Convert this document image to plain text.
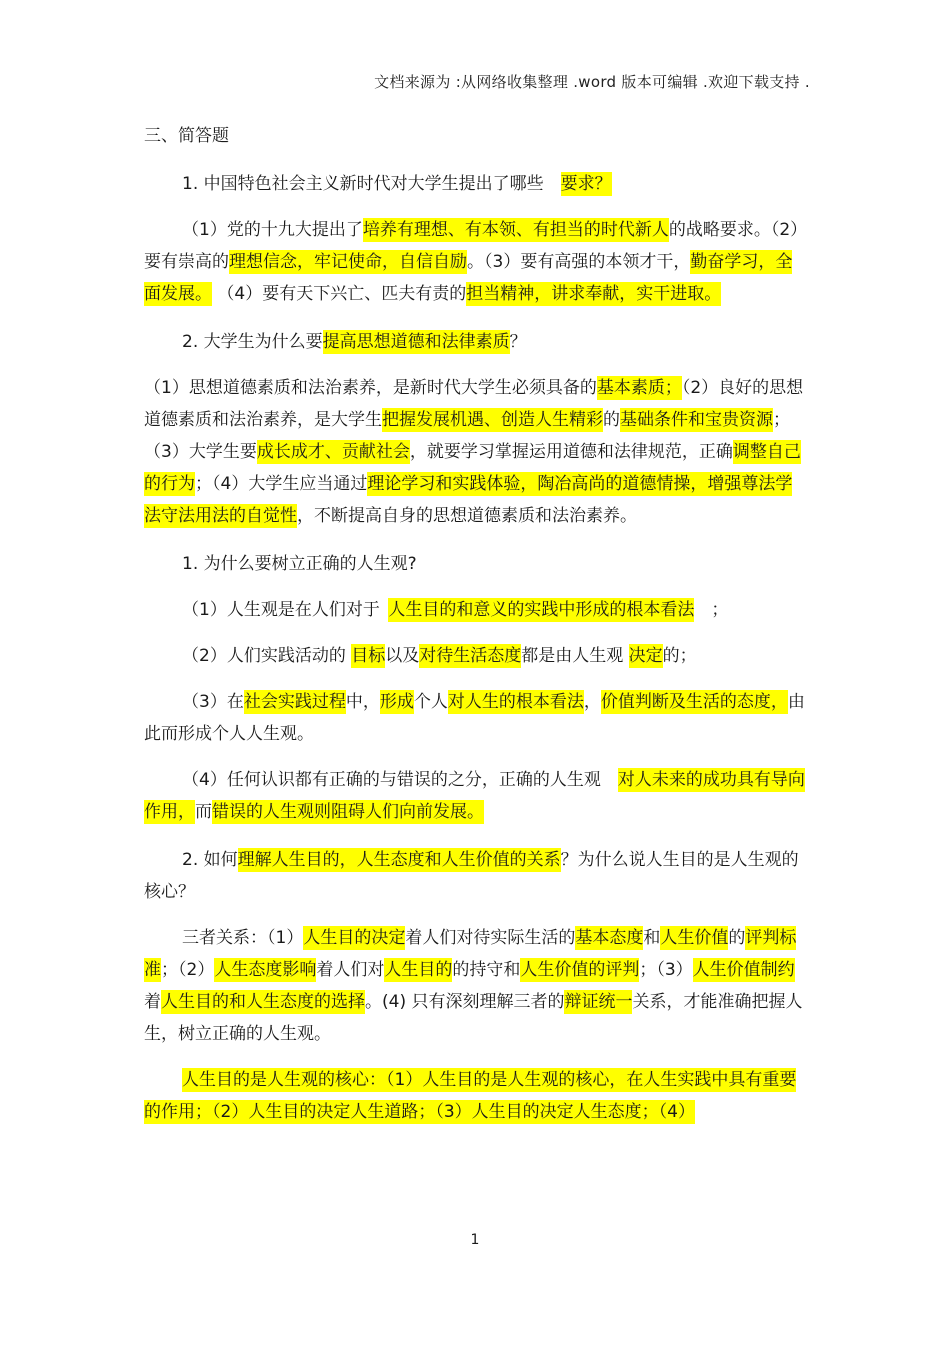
文档来源为 :从网络收集整理 .word 版本可编辑 .欢迎下载支持 .

三、简答题

1. 中国特色社会主义新时代对大学生提出了哪些  要求？

（1）党的十九大提出了培养有理想、有本领、有担当的时代新人的战略要求。（2）要有崇高的理想信念，牢记使命，自信自励。（3）要有高强的本领才干，勤奋学习，全面发展。 （4）要有天下兴亡、匹夫有责的担当精神，讲求奉献，实干进取。

2. 大学生为什么要提高思想道德和法律素质？

（1）思想道德素质和法治素养，是新时代大学生必须具备的基本素质；（2）良好的思想道德素质和法治素养，是大学生把握发展机遇、创造人生精彩的基础条件和宝贵资源；（3）大学生要成长成才、贡献社会，就要学习掌握运用道德和法律规范，正确调整自己的行为；（4）大学生应当通过理论学习和实践体验，陶冶高尚的道德情操，增强尊法学法守法用法的自觉性，不断提高自身的思想道德素质和法治素养。

1. 为什么要树立正确的人生观?

（1）人生观是在人们对于  人生目的和意义的实践中形成的根本看法  ；

（2）人们实践活动的 目标以及对待生活态度都是由人生观 决定的；

（3）在社会实践过程中，形成个人对人生的根本看法，价值判断及生活的态度，由此而形成个人人生观。

（4）任何认识都有正确的与错误的之分，正确的人生观  对人未来的成功具有导向作用，而错误的人生观则阻碍人们向前发展。

2. 如何理解人生目的，人生态度和人生价值的关系？为什么说人生目的是人生观的核心？

三者关系：（1）人生目的决定着人们对待实际生活的基本态度和人生价值的评判标准；（2）人生态度影响着人们对人生目的的持守和人生价值的评判；（3）人生价值制约着人生目的和人生态度的选择。(4) 只有深刻理解三者的辩证统一关系，才能准确把握人生，树立正确的人生观。

人生目的是人生观的核心：（1）人生目的是人生观的核心，在人生实践中具有重要的作用；（2）人生目的决定人生道路；（3）人生目的决定人生态度；（4）

1
